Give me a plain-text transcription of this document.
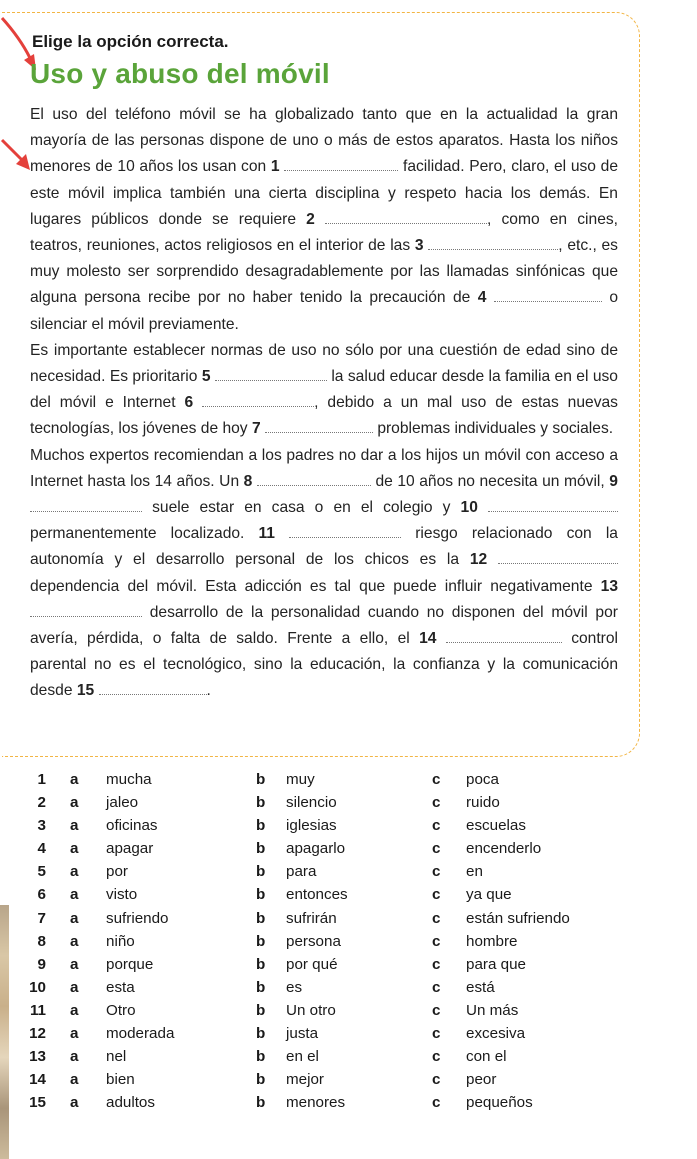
Elige la opción correcta.

Uso y abuso del móvil

El uso del teléfono móvil se ha globalizado tanto que en la actualidad la gran mayoría de las personas dispone de uno o más de estos aparatos. Hasta los niños menores de 10 años los usan con 1	facilidad. Pero, claro, el uso de este móvil implica también una cierta disciplina y respeto hacia los demás. En lugares públicos donde se requiere 2	, como en cines, teatros, reuniones, actos religiosos en el interior de las 3	, etc., es muy molesto ser sorprendido desagradablemente por las llamadas sinfónicas que alguna persona recibe por no haber tenido la precaución de 4	o silenciar el móvil previamente.

Es importante establecer normas de uso no sólo por una cuestión de edad sino de necesidad. Es prioritario 5	la salud educar desde la familia en el uso del móvil e Internet 6	, debido a un mal uso de estas nuevas tecnologías, los jóvenes de hoy 7	problemas individuales y sociales.

Muchos expertos recomiendan a los padres no dar a los hijos un móvil con acceso a Internet hasta los 14 años. Un 8	de 10 años no necesita un móvil, 9  suele estar en casa o en el colegio y 10  permanentemente localizado. 11	riesgo relacionado con la autonomía y el desarrollo personal de los chicos es la 12  dependencia del móvil. Esta adicción es tal que puede influir negativamente 13  desarrollo de la personalidad cuando no disponen del móvil por avería, pérdida, o falta de saldo. Frente a ello, el 14	control parental no es el tecnológico, sino la educación, la confianza y la comunicación desde 15	.

1 a mucha	b muy	c poca
2 a jaleo	b silencio	c ruido
3 a oficinas	b iglesias	c escuelas
4 a apagar	b apagarlo	c encenderlo
5 a por	b para	c en
6 a visto	b entonces	c ya que
7 a sufriendo	b sufrirán	c están sufriendo
8 a niño	b persona	c hombre
9 a porque	b por qué	c para que
10 a esta	b es	c está
11 a Otro	b Un otro	c Un más
12 a moderada	b justa	c excesiva
13 a nel	b en el	c con el
14 a bien	b mejor	c peor
15 a adultos	b menores	c pequeños
